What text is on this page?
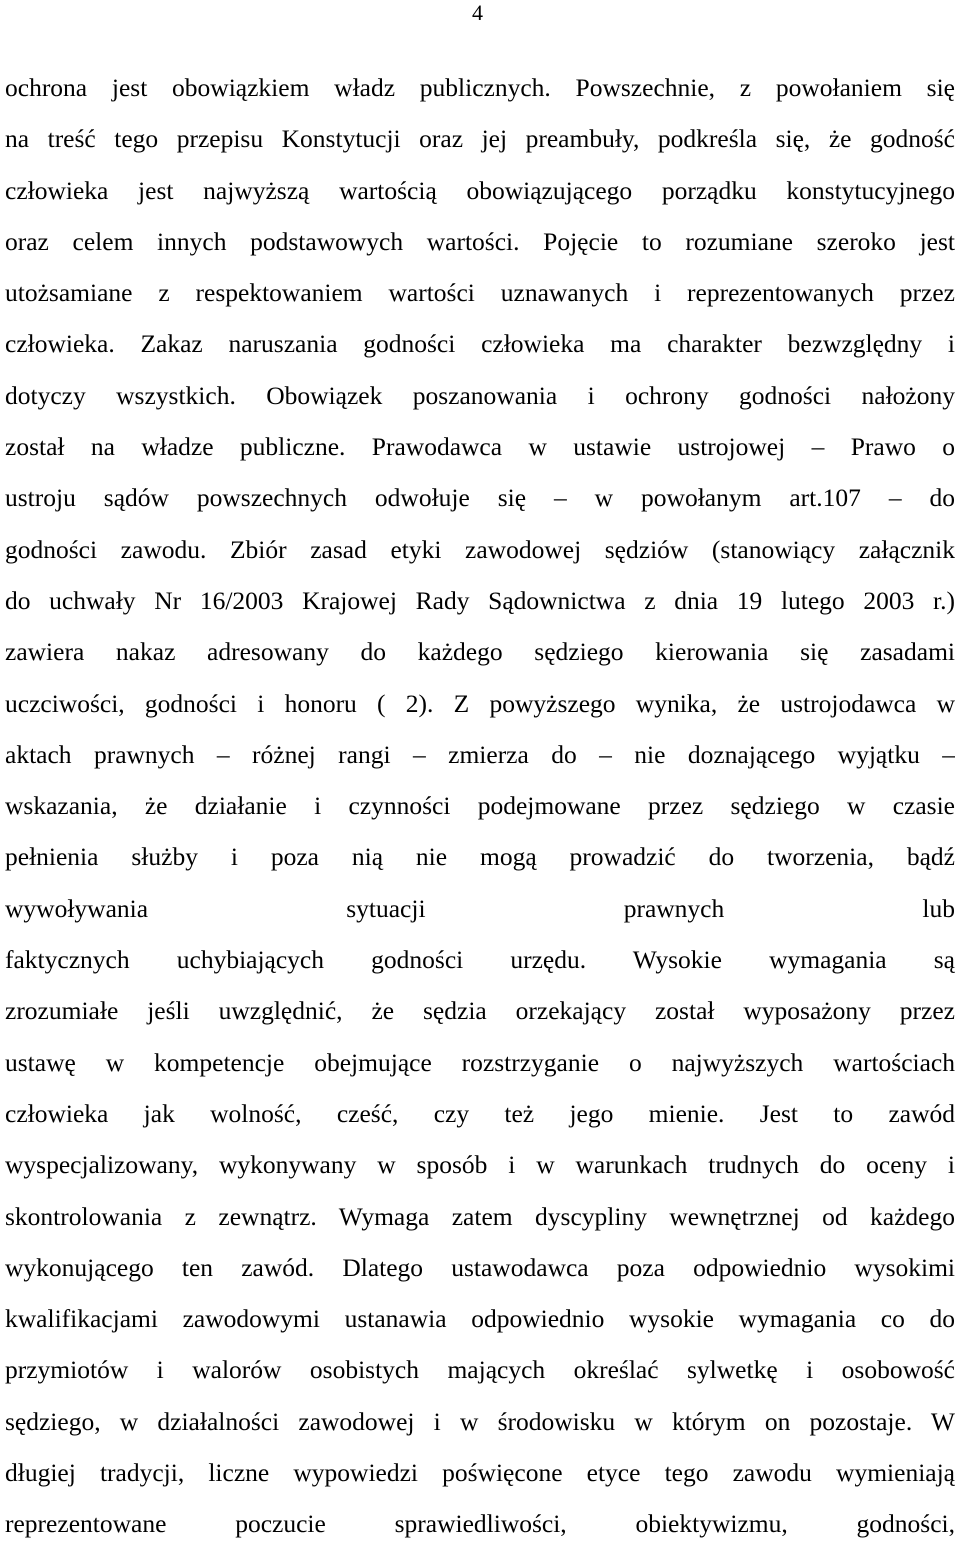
4
ochrona jest obowiązkiem władz publicznych. Powszechnie, z powołaniem się
na treść tego przepisu Konstytucji oraz jej preambuły, podkreśla się, że godność
człowieka jest najwyższą wartością obowiązującego porządku konstytucyjnego
oraz celem innych podstawowych wartości. Pojęcie to rozumiane szeroko jest
utożsamiane z respektowaniem wartości uznawanych i reprezentowanych przez
człowieka. Zakaz naruszania godności człowieka ma charakter bezwzględny i
dotyczy wszystkich. Obowiązek poszanowania i ochrony godności nałożony
został na władze publiczne. Prawodawca w ustawie ustrojowej – Prawo o
ustroju sądów powszechnych odwołuje się – w powołanym art.107 – do
godności zawodu. Zbiór zasad etyki zawodowej sędziów (stanowiący załącznik
do uchwały Nr 16/2003 Krajowej Rady Sądownictwa z dnia 19 lutego 2003 r.)
zawiera nakaz adresowany do każdego sędziego kierowania się zasadami
uczciwości, godności i honoru ( 2). Z powyższego wynika, że ustrojodawca w
aktach prawnych – różnej rangi – zmierza do – nie doznającego wyjątku –
wskazania, że działanie i czynności podejmowane przez sędziego w czasie
pełnienia służby i poza nią nie mogą prowadzić do tworzenia, bądź
wywoływania sytuacji prawnych lub
faktycznych uchybiających godności urzędu. Wysokie wymagania są
zrozumiałe jeśli uwzględnić, że sędzia orzekający został wyposażony przez
ustawę w kompetencje obejmujące rozstrzyganie o najwyższych wartościach
człowieka jak wolność, cześć, czy też jego mienie. Jest to zawód
wyspecjalizowany, wykonywany w sposób i w warunkach trudnych do oceny i
skontrolowania z zewnątrz. Wymaga zatem dyscypliny wewnętrznej od każdego
wykonującego ten zawód. Dlatego ustawodawca poza odpowiednio wysokimi
kwalifikacjami zawodowymi ustanawia odpowiednio wysokie wymagania co do
przymiotów i walorów osobistych mających określać sylwetkę i osobowość
sędziego, w działalności zawodowej i w środowisku w którym on pozostaje. W
długiej tradycji, liczne wypowiedzi poświęcone etyce tego zawodu wymieniają
reprezentowane poczucie sprawiedliwości, obiektywizmu, godności,
